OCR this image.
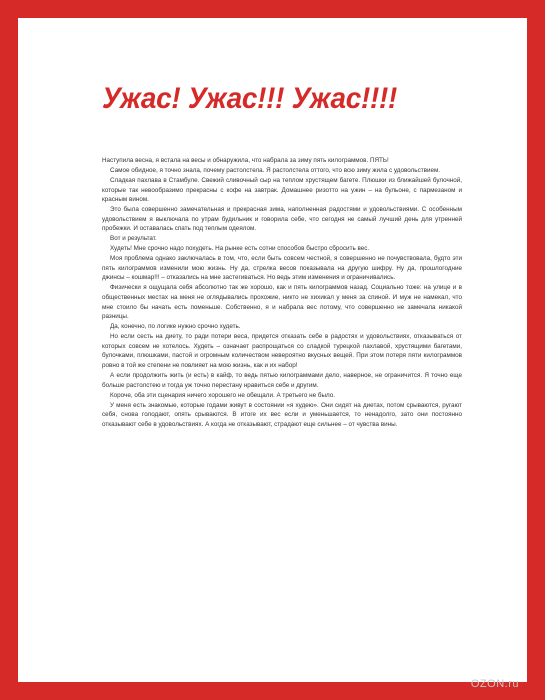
Ужас! Ужас!!! Ужас!!!!

Наступила весна, я встала на весы и обнаружила, что набрала за зиму пять килограммов. ПЯТЬ!

Самое обидное, я точно знала, почему растолстела. Я растолстела оттого, что всю зиму жила с удовольствием.

Сладкая пахлава в Стамбуле. Свежий сливочный сыр на теплом хрустящем багете. Плюшки из ближайшей булочной, которые так невообразимо прекрасны с кофе на завтрак. Домашнее ризотто на ужин – на бульоне, с пармезаном и красным вином.

Это была совершенно замечательная и прекрасная зима, наполненная радостями и удовольствиями. С особенным удовольствием я выключала по утрам будильник и говорила себе, что сегодня не самый лучший день для утренней пробежки. И оставалась спать под теплым одеялом.

Вот и результат.

Худеть! Мне срочно надо похудеть. На рынке есть сотни способов быстро сбросить вес.

Моя проблема однако заключалась в том, что, если быть совсем честной, я совершенно не почувствовала, будто эти пять килограммов изменили мою жизнь. Ну да, стрелка весов показывала на другую шифру. Ну да, прошлогодние джинсы – кошмар!!! – отказались на мне застегиваться. Но ведь этим изменения и ограничивались.

Физически я ощущала себя абсолютно так же хорошо, как и пять килограммов назад. Социально тоже: на улице и в общественных местах на меня не оглядывались прохожие, никто не хихикал у меня за спиной. И муж не намекал, что мне стоило бы начать есть поменьше. Собственно, я и набрала вес потому, что совершенно не замечала никакой разницы.

Да, конечно, по логике нужно срочно худеть.

Но если сесть на диету, то ради потери веса, придется отказать себе в радостях и удовольствиях, отказываться от которых совсем не хотелось. Худеть – означает распрощаться со сладкой турецкой пахлавой, хрустящими багетами, булочками, плюшками, пастой и огромным количеством невероятно вкусных вещей. При этом потеря пяти килограммов ровно в той же степени не повлияет на мою жизнь, как и их набор!

А если продолжить жить (и есть) в кайф, то ведь пятью килограммами дело, наверное, не ограничится. Я точно еще больше растолстею и тогда уж точно перестану нравиться себе и другим.

Короче, оба эти сценария ничего хорошего не обещали. А третьего не было.

У меня есть знакомые, которые годами живут в состоянии «я худею». Они сидят на диетах, потом срываются, ругают себя, снова голодают, опять срываются. В итоге их вес если и уменьшается, то ненадолго, зато они постоянно отказывают себе в удовольствиях. А когда не отказывают, страдают еще сильнее – от чувства вины.

OZON.ru
